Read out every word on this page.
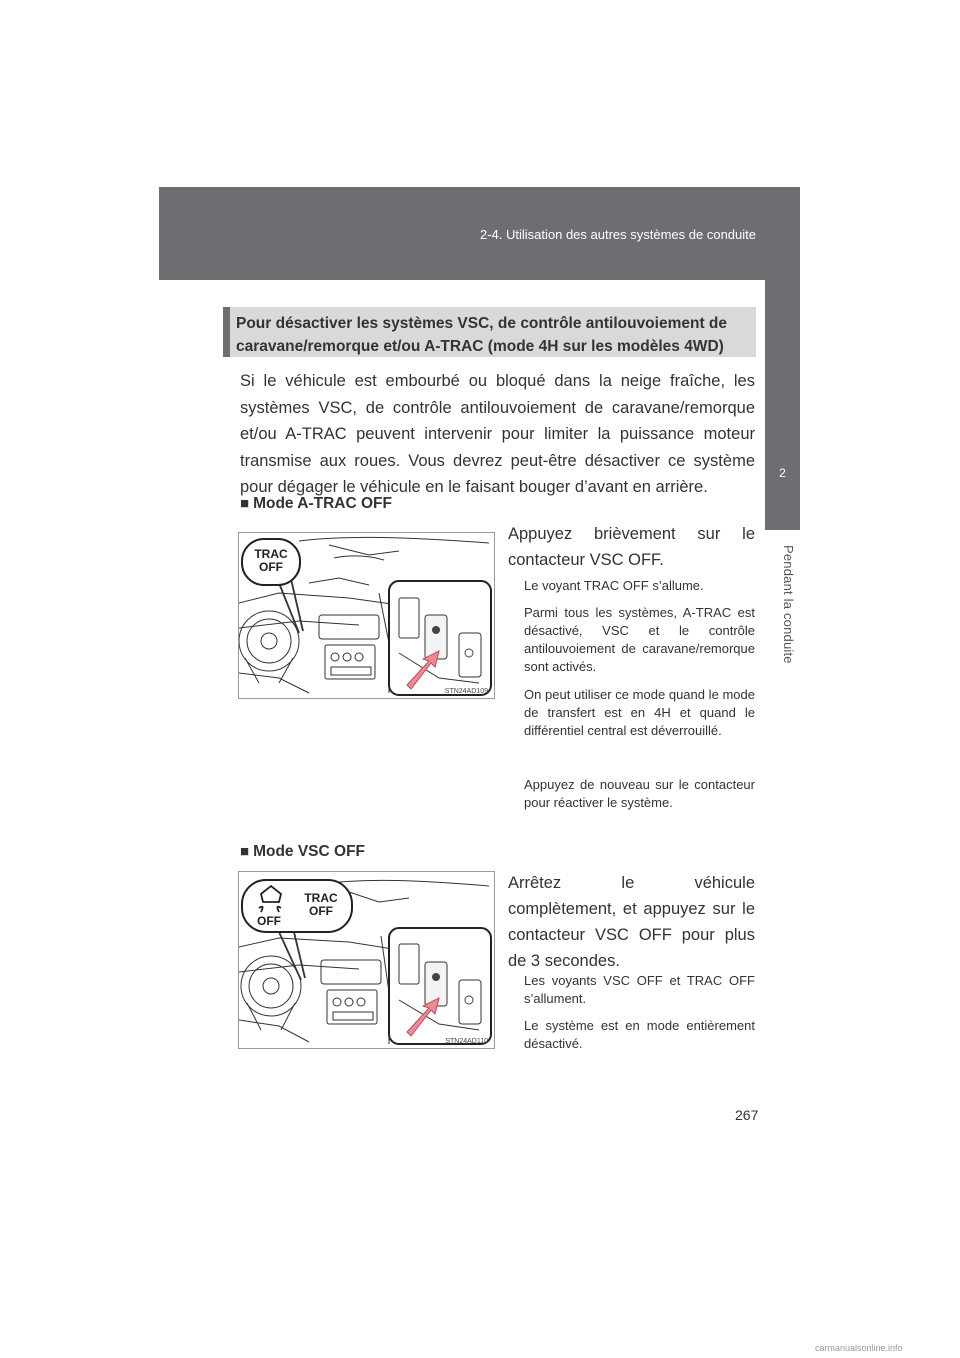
2-4. Utilisation des autres systèmes de conduite
2
Pendant la conduite
Pour désactiver les systèmes VSC, de contrôle antilouvoiement de
caravane/remorque et/ou A-TRAC (mode 4H sur les modèles 4WD)
Si le véhicule est embourbé ou bloqué dans la neige fraîche, les systèmes VSC, de contrôle antilouvoiement de caravane/remorque et/ou A-TRAC peuvent intervenir pour limiter la puissance moteur transmise aux roues. Vous devrez peut-être désactiver ce système pour dégager le véhicule en le faisant bouger d’avant en arrière.
■ Mode A-TRAC OFF
TRAC
OFF
STN24AD109
Appuyez brièvement sur le contacteur VSC OFF.
Le voyant TRAC OFF s’allume.
Parmi tous les systèmes, A-TRAC est désactivé, VSC et le contrôle antilouvoiement de caravane/remorque sont activés.
On peut utiliser ce mode quand le mode de transfert est en 4H et quand le différentiel central est déverrouillé.
Appuyez de nouveau sur le contacteur pour réactiver le système.
■ Mode VSC OFF
OFF
TRAC
OFF
STN24AD110
Arrêtez le véhicule complètement, et appuyez sur le contacteur VSC OFF pour plus de 3 secondes.
Les voyants VSC OFF et TRAC OFF s’allument.
Le système est en mode entièrement désactivé.
267
carmanualsonline.info
